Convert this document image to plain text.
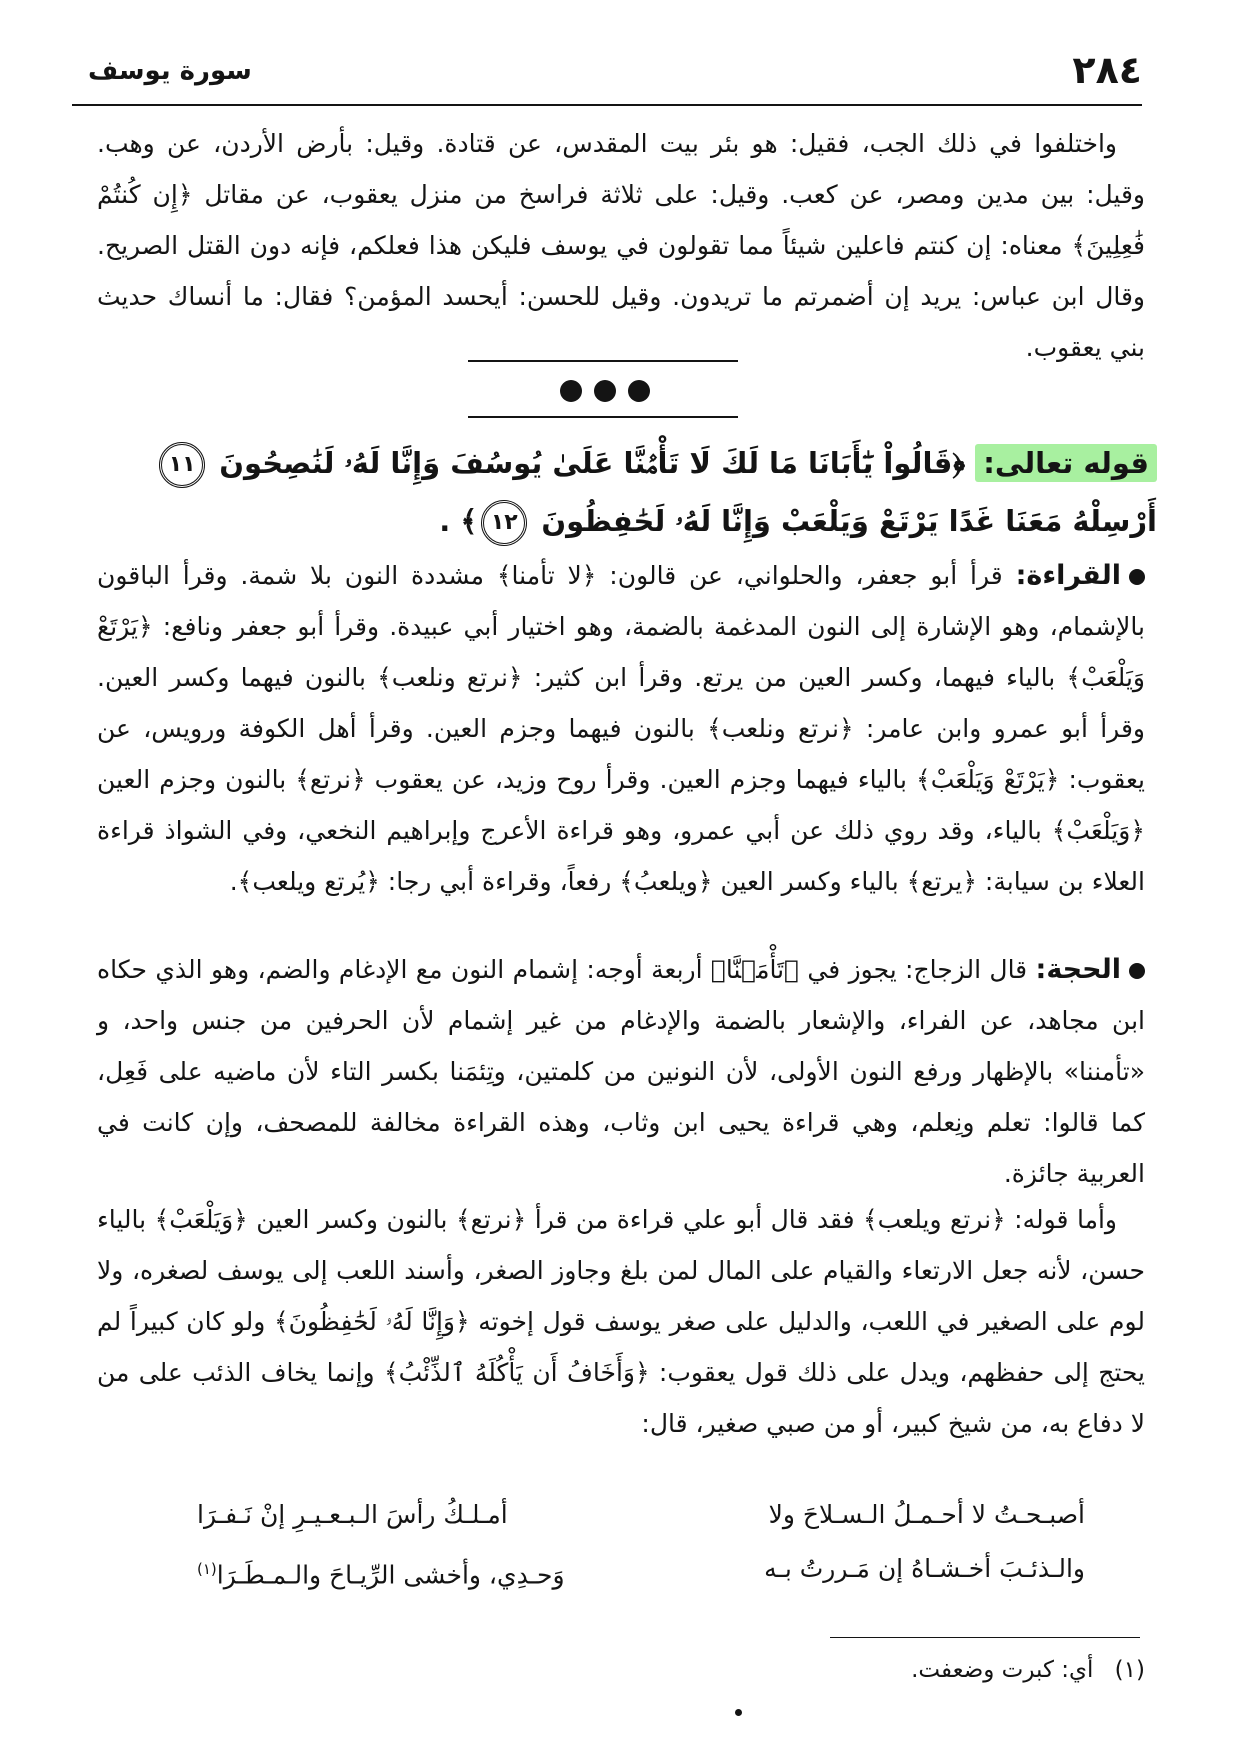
٢٨٤
سورة يوسف

واختلفوا في ذلك الجب، فقيل: هو بئر بيت المقدس، عن قتادة. وقيل: بأرض الأردن، عن وهب. وقيل: بين مدين ومصر، عن كعب. وقيل: على ثلاثة فراسخ من منزل يعقوب، عن مقاتل ﴿إِن كُنتُمْ فَٰعِلِينَ﴾ معناه: إن كنتم فاعلين شيئاً مما تقولون في يوسف فليكن هذا فعلكم، فإنه دون القتل الصريح. وقال ابن عباس: يريد إن أضمرتم ما تريدون. وقيل للحسن: أيحسد المؤمن؟ فقال: ما أنساك حديث بني يعقوب.

قوله تعالى: ﴿قَالُواْ يَٰٓأَبَانَا مَا لَكَ لَا تَأْمَ۫نَّا عَلَىٰ يُوسُفَ وَإِنَّا لَهُۥ لَنَٰصِحُونَ ١١ أَرْسِلْهُ مَعَنَا غَدًا يَرْتَعْ وَيَلْعَبْ وَإِنَّا لَهُۥ لَحَٰفِظُونَ ١٢﴾ .

القراءة: قرأ أبو جعفر، والحلواني، عن قالون: ﴿لا تأمنا﴾ مشددة النون بلا شمة. وقرأ الباقون بالإشمام، وهو الإشارة إلى النون المدغمة بالضمة، وهو اختيار أبي عبيدة. وقرأ أبو جعفر ونافع: ﴿يَرْتَعْ وَيَلْعَبْ﴾ بالياء فيهما، وكسر العين من يرتع. وقرأ ابن كثير: ﴿نرتع ونلعب﴾ بالنون فيهما وكسر العين. وقرأ أبو عمرو وابن عامر: ﴿نرتع ونلعب﴾ بالنون فيهما وجزم العين. وقرأ أهل الكوفة ورويس، عن يعقوب: ﴿يَرْتَعْ وَيَلْعَبْ﴾ بالياء فيهما وجزم العين. وقرأ روح وزيد، عن يعقوب ﴿نرتع﴾ بالنون وجزم العين ﴿وَيَلْعَبْ﴾ بالياء، وقد روي ذلك عن أبي عمرو، وهو قراءة الأعرج وإبراهيم النخعي، وفي الشواذ قراءة العلاء بن سيابة: ﴿يرتع﴾ بالياء وكسر العين ﴿ويلعبُ﴾ رفعاً، وقراءة أبي رجا: ﴿يُرتع ويلعب﴾.

الحجة: قال الزجاج: يجوز في ﴿تَأْمَ۫نَّا﴾ أربعة أوجه: إشمام النون مع الإدغام والضم، وهو الذي حكاه ابن مجاهد، عن الفراء، والإشعار بالضمة والإدغام من غير إشمام لأن الحرفين من جنس واحد، و «تأمننا» بالإظهار ورفع النون الأولى، لأن النونين من كلمتين، وتِئمَنا بكسر التاء لأن ماضيه على فَعِل، كما قالوا: تعلم ونِعلم، وهي قراءة يحيى ابن وثاب، وهذه القراءة مخالفة للمصحف، وإن كانت في العربية جائزة.

وأما قوله: ﴿نرتع ويلعب﴾ فقد قال أبو علي قراءة من قرأ ﴿نرتع﴾ بالنون وكسر العين ﴿وَيَلْعَبْ﴾ بالياء حسن، لأنه جعل الارتعاء والقيام على المال لمن بلغ وجاوز الصغر، وأسند اللعب إلى يوسف لصغره، ولا لوم على الصغير في اللعب، والدليل على صغر يوسف قول إخوته ﴿وَإِنَّا لَهُۥ لَحَٰفِظُونَ﴾ ولو كان كبيراً لم يحتج إلى حفظهم، ويدل على ذلك قول يعقوب: ﴿وَأَخَافُ أَن يَأْكُلَهُ ٱلذِّئْبُ﴾ وإنما يخاف الذئب على من لا دفاع به، من شيخ كبير، أو من صبي صغير، قال:

أصبـحـتُ لا أحـمـلُ الـسـلاحَ ولا
أمـلـكُ رأسَ الـبـعـيـرِ إنْ نَـفـرَا
والـذئـبَ أخـشـاهُ إن مَـررتُ بـه
وَحـدِي، وأخشى الرِّيـاحَ والـمـطَـرَا$^{(١)}$
(١) أي: كبرت وضعفت.
